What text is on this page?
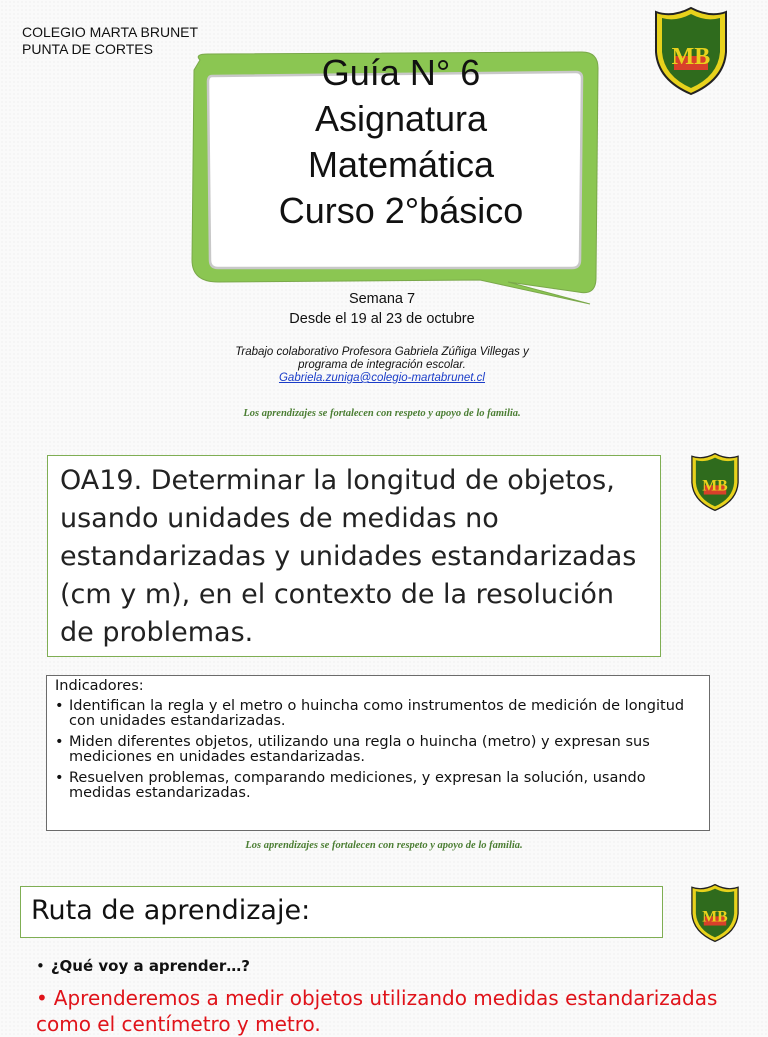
COLEGIO MARTA BRUNET
PUNTA DE CORTES
Guía N° 6
Asignatura
Matemática
Curso 2°básico
MB
Semana 7
Desde el 19 al 23 de octubre
Trabajo colaborativo Profesora Gabriela Zúñiga Villegas y
programa de integración escolar.
Gabriela.zuniga@colegio-martabrunet.cl
Los aprendizajes se fortalecen con respeto y apoyo de lo familia.
OA19. Determinar la longitud de objetos,
usando unidades de medidas no
estandarizadas y unidades estandarizadas
(cm y m), en el contexto de la resolución
de problemas.
MB
Indicadores:
• Identifican la regla y el metro o huincha como instrumentos de medición de longitud con unidades estandarizadas.
• Miden diferentes objetos, utilizando una regla o huincha (metro) y expresan sus mediciones en unidades estandarizadas.
• Resuelven problemas, comparando mediciones, y expresan la solución, usando medidas estandarizadas.
Los aprendizajes se fortalecen con respeto y apoyo de lo familia.
Ruta de aprendizaje:	MB
• ¿Qué voy a aprender…?
• Aprenderemos a medir objetos utilizando medidas estandarizadas como el centímetro y metro.
